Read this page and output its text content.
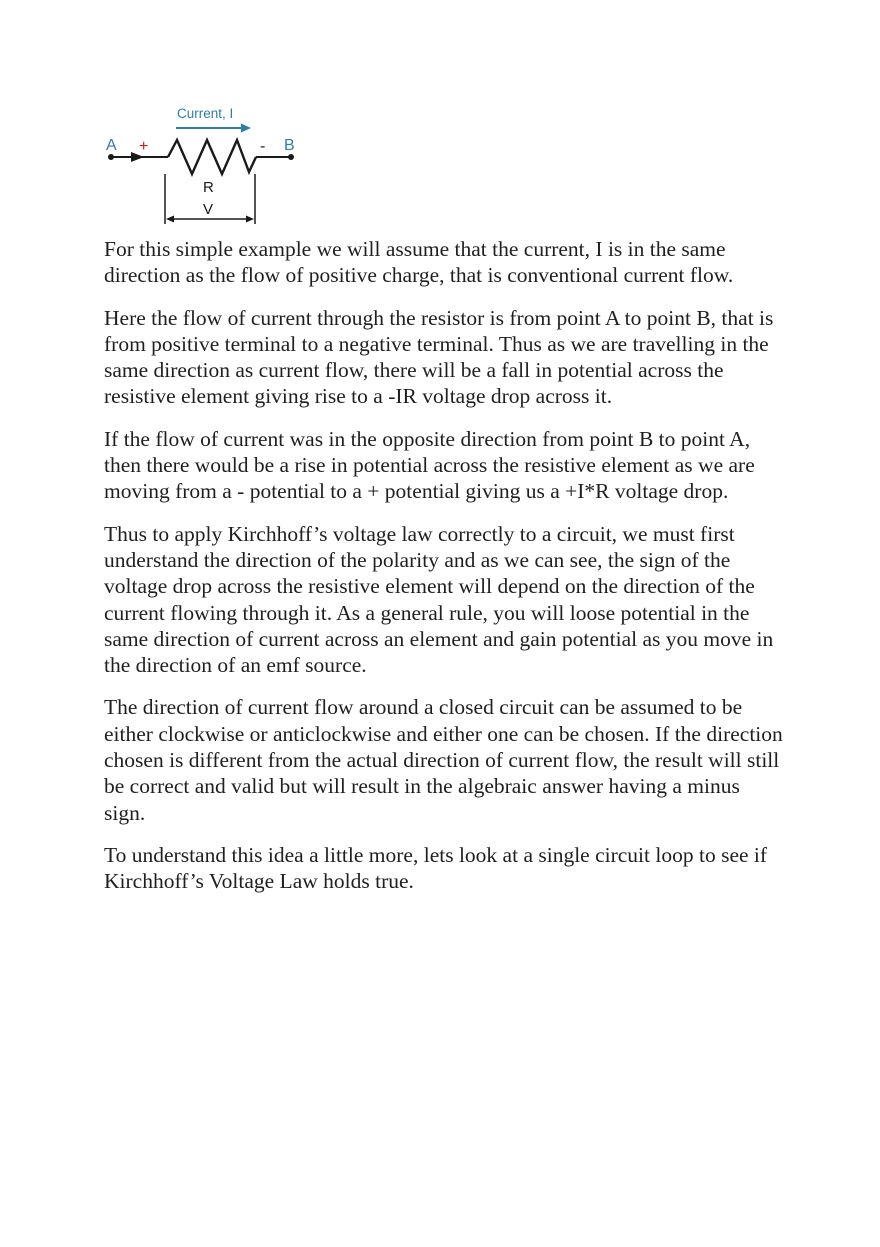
Current, I
A	B
+	-
R
V

For this simple example we will assume that the current, I is in the same direction as the flow of positive charge, that is conventional current flow.

Here the flow of current through the resistor is from point A to point B, that is from positive terminal to a negative terminal. Thus as we are travelling in the same direction as current flow, there will be a fall in potential across the resistive element giving rise to a -IR voltage drop across it.

If the flow of current was in the opposite direction from point B to point A, then there would be a rise in potential across the resistive element as we are moving from a - potential to a + potential giving us a +I*R voltage drop.

Thus to apply Kirchhoff’s voltage law correctly to a circuit, we must first understand the direction of the polarity and as we can see, the sign of the voltage drop across the resistive element will depend on the direction of the current flowing through it. As a general rule, you will loose potential in the same direction of current across an element and gain potential as you move in the direction of an emf source.

The direction of current flow around a closed circuit can be assumed to be either clockwise or anticlockwise and either one can be chosen. If the direction chosen is different from the actual direction of current flow, the result will still be correct and valid but will result in the algebraic answer having a minus sign.

To understand this idea a little more, lets look at a single circuit loop to see if Kirchhoff’s Voltage Law holds true.
